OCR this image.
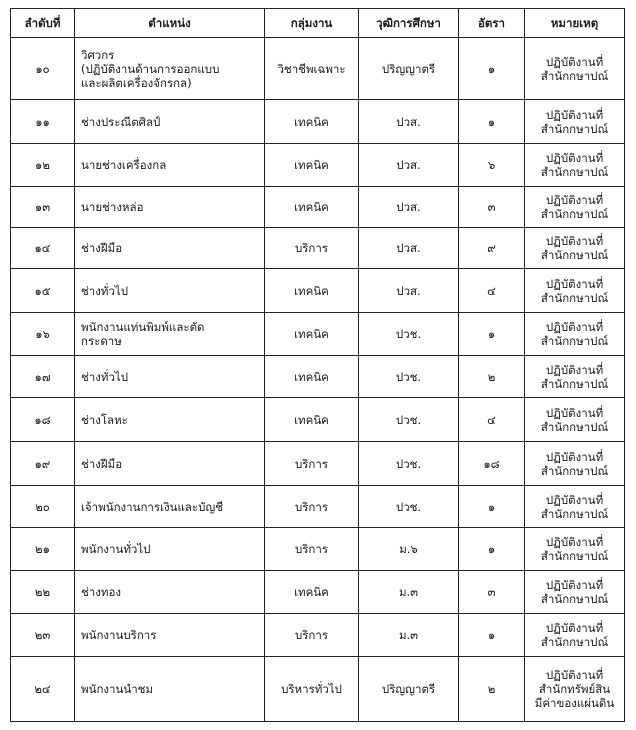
ลำดับที่	ตำแหน่ง	กลุ่มงาน	วุฒิการศึกษา	อัตรา	หมายเหตุ
๑๐	วิศวกร
(ปฏิบัติงานด้านการออกแบบ
และผลิตเครื่องจักรกล)	วิชาชีพเฉพาะ	ปริญญาตรี	๑	ปฏิบัติงานที่
สำนักกษาปณ์

๑๑	ช่างประณีตศิลป์	เทคนิค	ปวส.	๑	ปฏิบัติงานที่
สำนักกษาปณ์

๑๒	นายช่างเครื่องกล	เทคนิค	ปวส.	๖	ปฏิบัติงานที่
สำนักกษาปณ์

๑๓	นายช่างหล่อ	เทคนิค	ปวส.	๓	ปฏิบัติงานที่
สำนักกษาปณ์

๑๔	ช่างฝีมือ	บริการ	ปวส.	๙	ปฏิบัติงานที่
สำนักกษาปณ์

๑๕	ช่างทั่วไป	เทคนิค	ปวส.	๔	ปฏิบัติงานที่
สำนักกษาปณ์

๑๖	พนักงานแท่นพิมพ์และตัด
กระดาษ	เทคนิค	ปวช.	๑	ปฏิบัติงานที่
สำนักกษาปณ์

๑๗	ช่างทั่วไป	เทคนิค	ปวช.	๒	ปฏิบัติงานที่
สำนักกษาปณ์

๑๘	ช่างโลหะ	เทคนิค	ปวช.	๔	ปฏิบัติงานที่
สำนักกษาปณ์

๑๙	ช่างฝีมือ	บริการ	ปวช.	๑๘	ปฏิบัติงานที่
สำนักกษาปณ์

๒๐	เจ้าพนักงานการเงินและบัญชี	บริการ	ปวช.	๑	ปฏิบัติงานที่
สำนักกษาปณ์

๒๑	พนักงานทั่วไป	บริการ	ม.๖	๑	ปฏิบัติงานที่
สำนักกษาปณ์

๒๒	ช่างทอง	เทคนิค	ม.๓	๓	ปฏิบัติงานที่
สำนักกษาปณ์

๒๓	พนักงานบริการ	บริการ	ม.๓	๑	ปฏิบัติงานที่
สำนักกษาปณ์

๒๔	พนักงานนำชม	บริหารทั่วไป	ปริญญาตรี	๒	ปฏิบัติงานที่
สำนักทรัพย์สิน
มีค่าของแผ่นดิน
